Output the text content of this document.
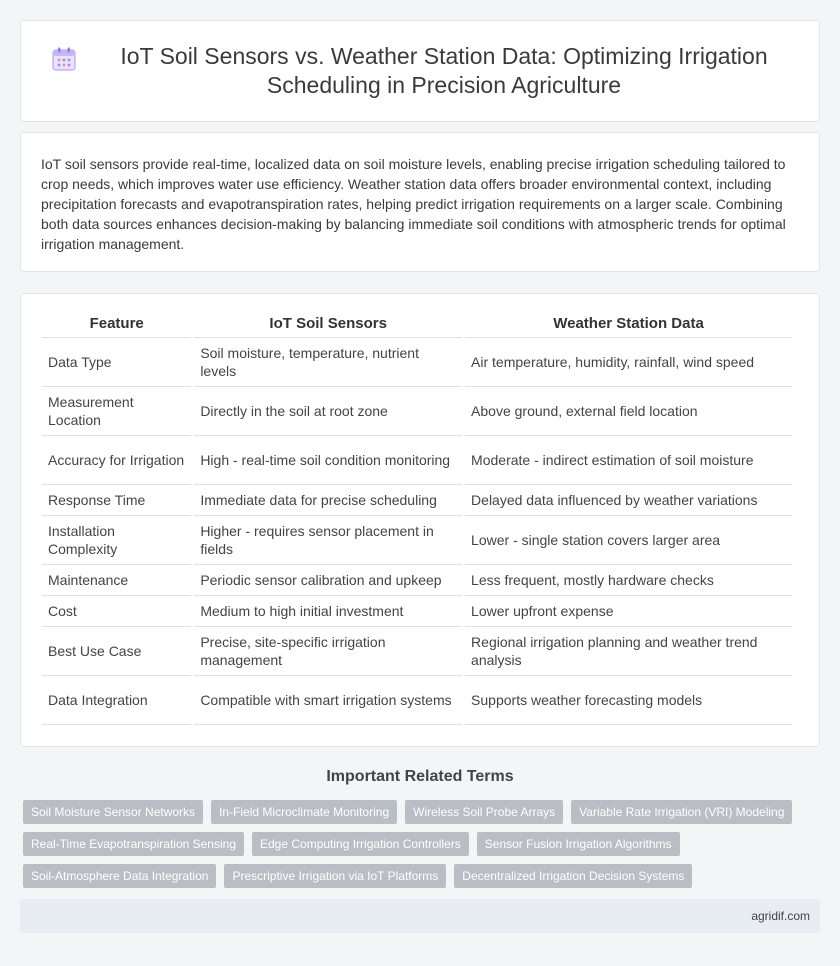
IoT Soil Sensors vs. Weather Station Data: Optimizing Irrigation Scheduling in Precision Agriculture

IoT soil sensors provide real-time, localized data on soil moisture levels, enabling precise irrigation scheduling tailored to crop needs, which improves water use efficiency. Weather station data offers broader environmental context, including precipitation forecasts and evapotranspiration rates, helping predict irrigation requirements on a larger scale. Combining both data sources enhances decision-making by balancing immediate soil conditions with atmospheric trends for optimal irrigation management.

Feature	IoT Soil Sensors	Weather Station Data
Data Type	Soil moisture, temperature, nutrient levels	Air temperature, humidity, rainfall, wind speed
Measurement Location	Directly in the soil at root zone	Above ground, external field location
Accuracy for Irrigation	High - real-time soil condition monitoring	Moderate - indirect estimation of soil moisture
Response Time	Immediate data for precise scheduling	Delayed data influenced by weather variations
Installation Complexity	Higher - requires sensor placement in fields	Lower - single station covers larger area
Maintenance	Periodic sensor calibration and upkeep	Less frequent, mostly hardware checks
Cost	Medium to high initial investment	Lower upfront expense
Best Use Case	Precise, site-specific irrigation management	Regional irrigation planning and weather trend analysis
Data Integration	Compatible with smart irrigation systems	Supports weather forecasting models
Important Related Terms
Soil Moisture Sensor Networks	In-Field Microclimate Monitoring	Wireless Soil Probe Arrays	Variable Rate Irrigation (VRI) Modeling
Real-Time Evapotranspiration Sensing	Edge Computing Irrigation Controllers	Sensor Fusion Irrigation Algorithms
Soil-Atmosphere Data Integration	Prescriptive Irrigation via IoT Platforms	Decentralized Irrigation Decision Systems
agridif.com
